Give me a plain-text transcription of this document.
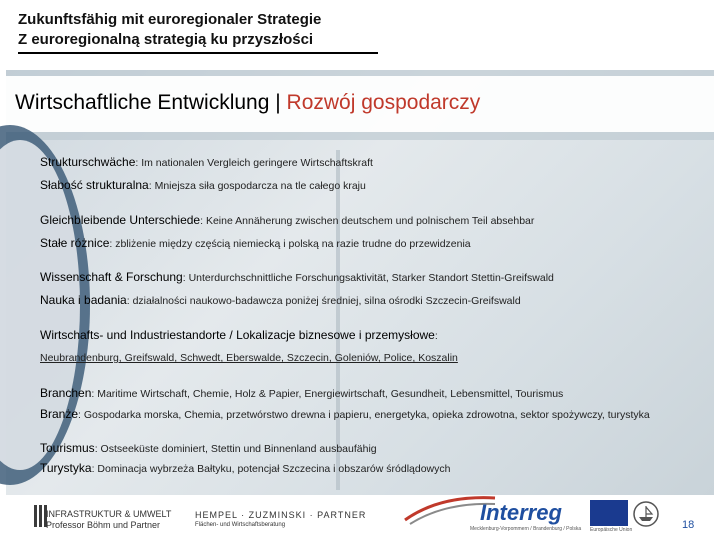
Zukunftsfähig mit euroregionaler Strategie
Z euroregionalną strategią ku przyszłości
Wirtschaftliche Entwicklung | Rozwój gospodarczy
Strukturschwäche: Im nationalen Vergleich geringere Wirtschaftskraft
Słabość strukturalna: Mniejsza siła gospodarcza na tle całego kraju
Gleichbleibende Unterschiede: Keine Annäherung zwischen deutschem und polnischem Teil absehbar
Stałe różnice: zbliżenie między częścią niemiecką i polską na razie trudne do przewidzenia
Wissenschaft & Forschung: Unterdurchschnittliche Forschungsaktivität, Starker Standort Stettin-Greifswald
Nauka i badania: działalności naukowo-badawcza poniżej średniej, silna ośrodki Szczecin-Greifswald
Wirtschafts- und Industriestandorte / Lokalizacje biznesowe i przemysłowe:
Neubrandenburg, Greifswald, Schwedt, Eberswalde, Szczecin, Goleniów, Police, Koszalin
Branchen: Maritime Wirtschaft, Chemie, Holz & Papier, Energiewirtschaft, Gesundheit, Lebensmittel, Tourismus
Branże: Gospodarka morska, Chemia, przetwórstwo drewna i papieru, energetyka, opieka zdrowotna, sektor spożywczy, turystyka
Tourismus: Ostseeküste dominiert, Stettin und Binnenland ausbaufähig
Turystyka: Dominacja wybrzeża Bałtyku, potencjał Szczecina i obszarów śródlądowych
INFRASTRUKTUR & UMWELT
Professor Böhm und Partner
HEMPEL · ZUZMINSKI · PARTNER
Flächen- und Wirtschaftsberatung	Interreg
Mecklenburg-Vorpommern / Brandenburg / Polska Europäische Union	18
